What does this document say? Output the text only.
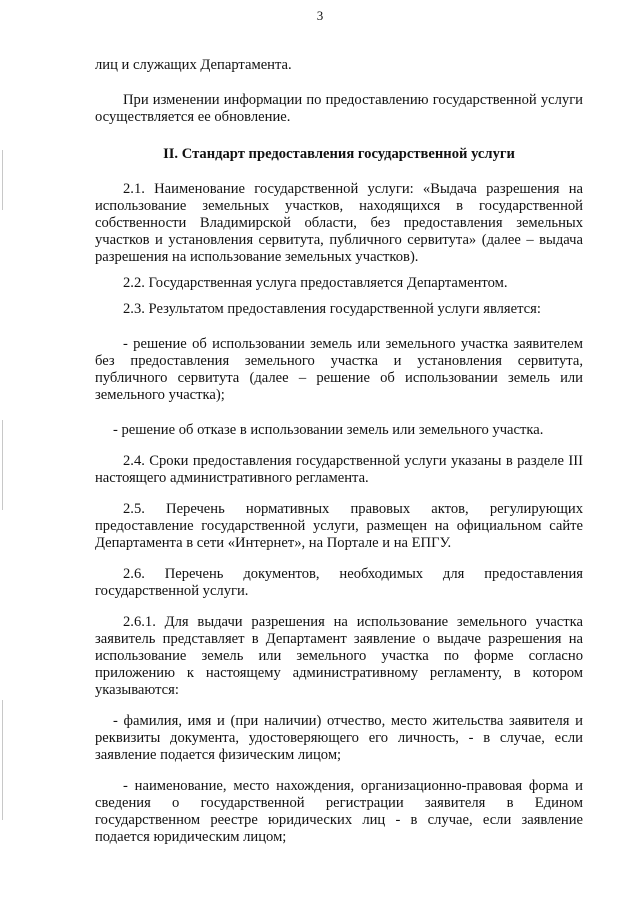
3

лиц и служащих Департамента.

При изменении информации по предоставлению государственной услуги осуществляется ее обновление.

II. Стандарт предоставления государственной услуги

2.1. Наименование государственной услуги: «Выдача разрешения на использование земельных участков, находящихся в государственной собственности Владимирской области, без предоставления земельных участков и установления сервитута, публичного сервитута» (далее – выдача разрешения на использование земельных участков).

2.2. Государственная услуга предоставляется Департаментом.

2.3. Результатом предоставления государственной услуги является:

- решение об использовании земель или земельного участка заявителем без предоставления земельного участка и установления сервитута, публичного сервитута (далее – решение об использовании земель или земельного участка);

- решение об отказе в использовании земель или земельного участка.

2.4. Сроки предоставления государственной услуги указаны в разделе III настоящего административного регламента.

2.5. Перечень нормативных правовых актов, регулирующих предоставление государственной услуги, размещен на официальном сайте Департамента в сети «Интернет», на Портале и на ЕПГУ.

2.6. Перечень документов, необходимых для предоставления государственной услуги.

2.6.1. Для выдачи разрешения на использование земельного участка заявитель представляет в Департамент заявление о выдаче разрешения на использование земель или земельного участка по форме согласно приложению к настоящему административному регламенту, в котором указываются:

- фамилия, имя и (при наличии) отчество, место жительства заявителя и реквизиты документа, удостоверяющего его личность, - в случае, если заявление подается физическим лицом;

- наименование, место нахождения, организационно-правовая форма и сведения о государственной регистрации заявителя в Едином государственном реестре юридических лиц - в случае, если заявление подается юридическим лицом;
